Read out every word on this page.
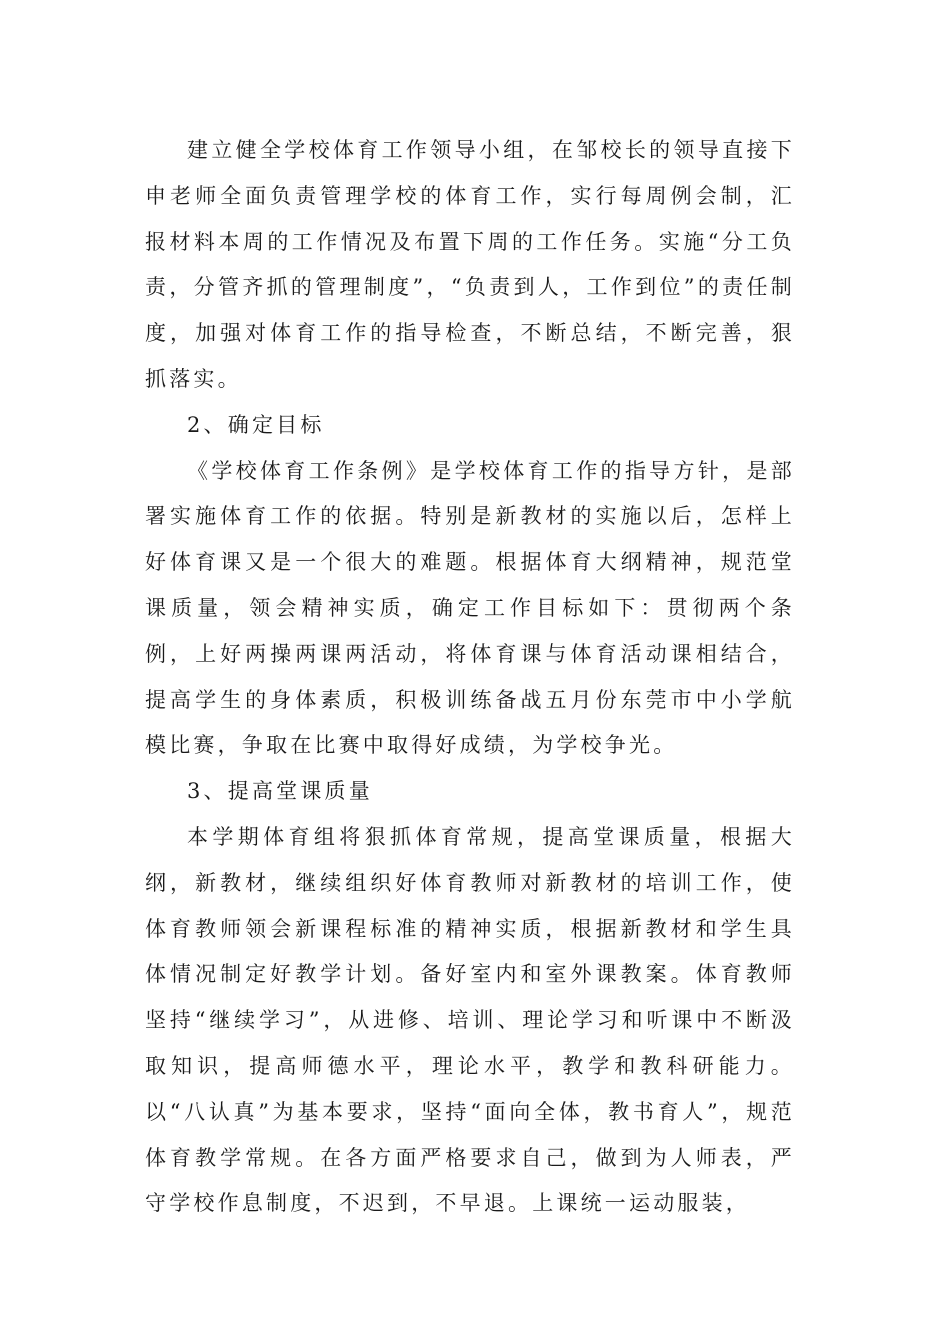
建立健全学校体育工作领导小组，在邹校长的领导直接下申老师全面负责管理学校的体育工作，实行每周例会制，汇报材料本周的工作情况及布置下周的工作任务。实施“分工负责，分管齐抓的管理制度”，“负责到人，工作到位”的责任制度，加强对体育工作的指导检查，不断总结，不断完善，狠抓落实。

2、确定目标

《学校体育工作条例》是学校体育工作的指导方针，是部署实施体育工作的依据。特别是新教材的实施以后，怎样上好体育课又是一个很大的难题。根据体育大纲精神，规范堂课质量，领会精神实质，确定工作目标如下：贯彻两个条例，上好两操两课两活动，将体育课与体育活动课相结合，提高学生的身体素质，积极训练备战五月份东莞市中小学航模比赛，争取在比赛中取得好成绩，为学校争光。

3、提高堂课质量

本学期体育组将狠抓体育常规，提高堂课质量，根据大纲，新教材，继续组织好体育教师对新教材的培训工作，使体育教师领会新课程标准的精神实质，根据新教材和学生具体情况制定好教学计划。备好室内和室外课教案。体育教师坚持“继续学习”，从进修、培训、理论学习和听课中不断汲取知识，提高师德水平，理论水平，教学和教科研能力。以“八认真”为基本要求，坚持“面向全体，教书育人”，规范体育教学常规。在各方面严格要求自己，做到为人师表，严守学校作息制度，不迟到，不早退。上课统一运动服装，
